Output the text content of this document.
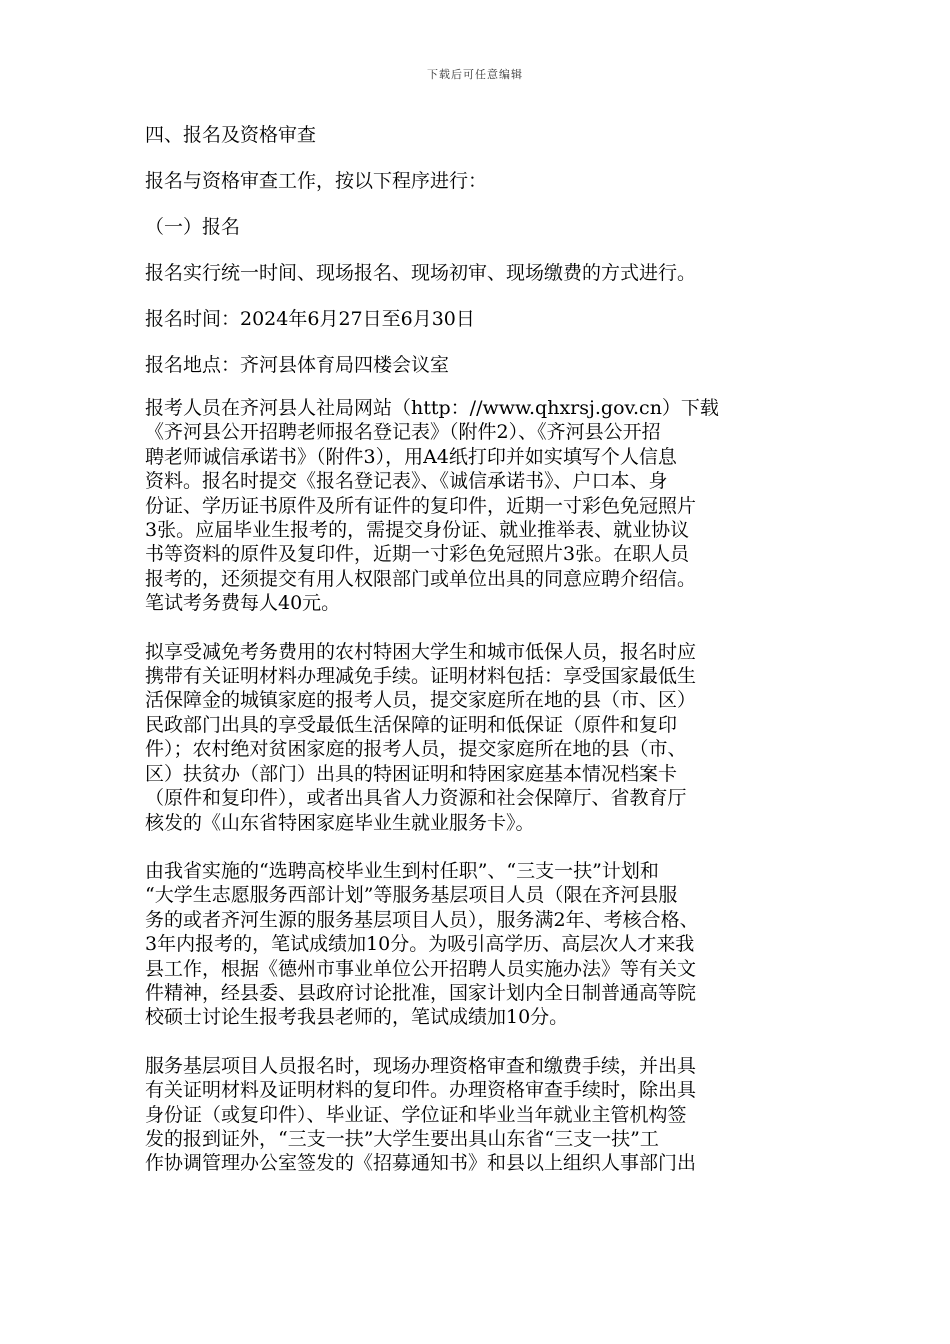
下载后可任意编辑
四、报名及资格审查
报名与资格审查工作，按以下程序进行：
（一）报名
报名实行统一时间、现场报名、现场初审、现场缴费的方式进行。
报名时间：2024年6月27日至6月30日
报名地点：齐河县体育局四楼会议室
报考人员在齐河县人社局网站（http：//www.qhxrsj.gov.cn）下载
《齐河县公开招聘老师报名登记表》（附件2）、《齐河县公开招
聘老师诚信承诺书》（附件3），用A4纸打印并如实填写个人信息
资料。报名时提交《报名登记表》、《诚信承诺书》、户口本、身
份证、学历证书原件及所有证件的复印件，近期一寸彩色免冠照片
3张。应届毕业生报考的，需提交身份证、就业推举表、就业协议
书等资料的原件及复印件，近期一寸彩色免冠照片3张。在职人员
报考的，还须提交有用人权限部门或单位出具的同意应聘介绍信。
笔试考务费每人40元。
拟享受减免考务费用的农村特困大学生和城市低保人员，报名时应
携带有关证明材料办理减免手续。证明材料包括：享受国家最低生
活保障金的城镇家庭的报考人员，提交家庭所在地的县（市、区）
民政部门出具的享受最低生活保障的证明和低保证（原件和复印
件）；农村绝对贫困家庭的报考人员，提交家庭所在地的县（市、
区）扶贫办（部门）出具的特困证明和特困家庭基本情况档案卡
（原件和复印件），或者出具省人力资源和社会保障厅、省教育厅
核发的《山东省特困家庭毕业生就业服务卡》。
由我省实施的“选聘高校毕业生到村任职”、“三支一扶”计划和
“大学生志愿服务西部计划”等服务基层项目人员（限在齐河县服
务的或者齐河生源的服务基层项目人员），服务满2年、考核合格、
3年内报考的，笔试成绩加10分。为吸引高学历、高层次人才来我
县工作，根据《德州市事业单位公开招聘人员实施办法》等有关文
件精神，经县委、县政府讨论批准，国家计划内全日制普通高等院
校硕士讨论生报考我县老师的，笔试成绩加10分。
服务基层项目人员报名时，现场办理资格审查和缴费手续，并出具
有关证明材料及证明材料的复印件。办理资格审查手续时，除出具
身份证（或复印件）、毕业证、学位证和毕业当年就业主管机构签
发的报到证外，“三支一扶”大学生要出具山东省“三支一扶”工
作协调管理办公室签发的《招募通知书》和县以上组织人事部门出
